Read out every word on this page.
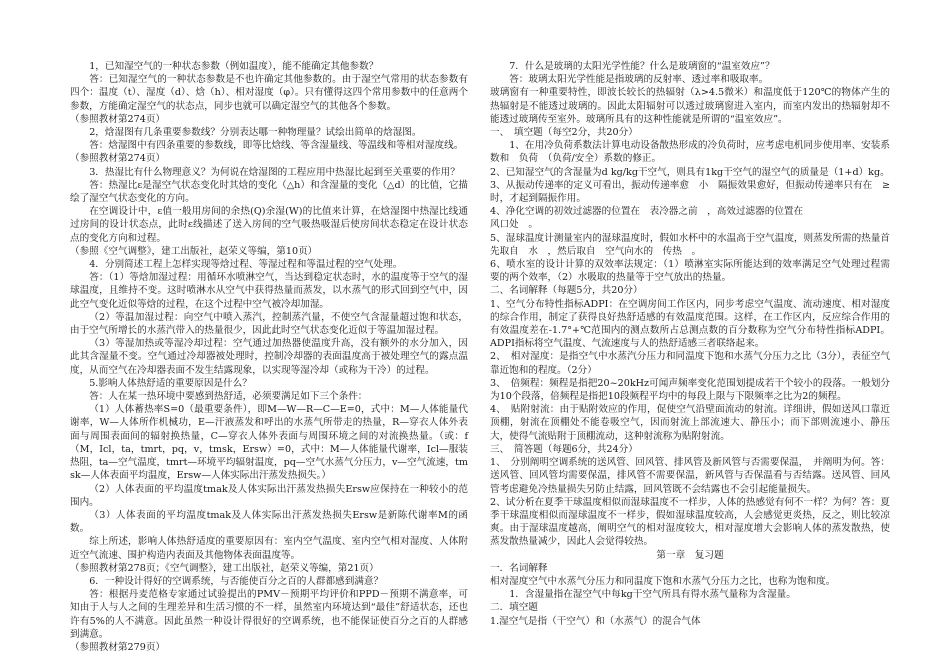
1，已知湿空气的一种状态参数（例如温度），能不能确定其他参数？

答：已知湿空气的一种状态参数是不也许确定其他参数的。由于湿空气常用的状态参数有四个：温度（t）、湿度（d）、焓（h）、相对湿度（φ）。只有懂得这四个常用参数中的任意两个参数，方能确定湿空气的状态点，同步也就可以确定湿空气的其他各个参数。

（参照教材第274页）

2，焓湿图有几条重要参数线？分别表达哪一种物理量？试绘出简单的焓湿图。

答：焓湿图中有四条重要的参数线，即等比焓线、等含湿量线、等温线和等相对湿度线。

（参照教材第274页）

3．热湿比有什么物理意义？为何说在焓湿图的工程应用中热湿比起到至关重要的作用？

答：热湿比ε是湿空气状态变化时其焓的变化（△h）和含湿量的变化（△d）的比值，它描绘了湿空气状态变化的方向。

在空调设计中，ε值一般用房间的余热(Q)余湿(W)的比值来计算，在焓湿图中热湿比线通过房间的设计状态点，此时ε线描述了送入房间的空气吸热吸湿后使房间状态稳定在设计状态点的变化方向和过程。

（参照《空气调整》，建工出版社，赵荣义等编，第10页）

4．分别简述工程上怎样实现等焓过程、等湿过程和等温过程的空气处理。

答：（1）等焓加湿过程：用循环水喷淋空气，当达到稳定状态时，水的温度等于空气的湿球温度，且维持不变。这时喷淋水从空气中获得热量而蒸发，以水蒸气的形式回到空气中，因此空气变化近似等焓的过程，在这个过程中空气被冷却加湿。

（2）等温加湿过程：向空气中喷入蒸汽，控制蒸汽量，不使空气含湿量超过饱和状态，由于空气所增长的水蒸汽带入的热量很少，因此此时空气状态变化近似于等温加湿过程。

（3）等湿加热或等湿冷却过程：空气通过加热器使温度升高，没有额外的水分加入，因此其含湿量不变。空气通过冷却器被处理时，控制冷却器的表面温度高于被处理空气的露点温度，从而空气在冷却器表面不发生结露现象，以实现等湿冷却（或称为干冷）的过程。

5.影响人体热舒适的重要原因是什么？

答：人在某一热环境中要感到热舒适，必须要满足如下三个条件：

（1）人体蓄热率S=0（最重要条件），即M—W—R—C—E=0，式中：M—人体能量代谢率，W—人体所作机械功，E—汗液蒸发和呼出的水蒸气所带走的热量，R—穿衣人体外表面与周围表面间的辐射换热量，C—穿衣人体外表面与周围环境之间的对流换热量。（或：f（M，Icl，ta，tmrt，pq，v，tmsk，Ersw）=0，式中：M—人体能量代谢率，Icl—服装热阻，ta—空气温度，tmrt—环境平均辐射温度，pq—空气水蒸气分压力，v—空气流速，tmsk—人体表面平均温度，Ersw—人体实际出汗蒸发热损失。）

（2）人体表面的平均温度tmak及人体实际出汗蒸发热损失Ersw应保持在一种较小的范围内。

（3）人体表面的平均温度tmak及人体实际出汗蒸发热损失Ersw是新陈代谢率M的函数。

综上所述，影响人体热舒适度的重要原因有：室内空气温度、室内空气相对湿度、人体附近空气流速、围护构造内表面及其他物体表面温度等。

（参照教材第278页；《空气调整》，建工出版社，赵荣义等编，第21页）

6．一种设计得好的空调系统，与否能使百分之百的人群都感到满意？

答：根据丹麦范格专家通过试验提出的PMV－预期平均评价和PPD－预期不满意率，可知由于人与人之间的生理差异和生活习惯的不一样，虽然室内环境达到“最佳”舒适状态，还也许有5%的人不满意。因此虽然一种设计得很好的空调系统，也不能保证使百分之百的人群感到满意。

（参照教材第279页）

7．什么是玻璃的太阳光学性能？什么是玻璃窗的“温室效应”？

答：玻璃太阳光学性能是指玻璃的反射率、透过率和吸取率。

玻璃窗有一种重要特性，即波长较长的热辐射（λ>4.5微米）和温度低于120℃的物体产生的热辐射是不能透过玻璃的。因此太阳辐射可以透过玻璃窗进入室内，而室内发出的热辐射却不能透过玻璃传至室外。玻璃所具有的这种性能就是所谓的“温室效应”。

一、　填空题（每空2分，共20分）

1、在用冷负荷系数法计算电动设备散热形成的冷负荷时，应考虑电机同步使用率、安装系数和　负荷　（负荷/安全）系数的修正。

2、已知湿空气的含湿量为d kg/kg干空气，则具有1kg干空气的湿空气的质量是（1+d）kg。

3、从振动传递率的定义可看出，振动传递率愈　小　隔振效果愈好，但振动传递率只有在　≥　时，才起到隔振作用。

4、净化空调的初效过滤器的位置在　表冷器之前　，高效过滤器的位置在

风口处　。

5、湿球温度计测量室内的湿球温度时，假如水杯中的水温高于空气温度，则蒸发所需的热量首先取自　水　，然后取自　空气向水的　传热　。

6、喷水室的设计计算的双效率法规定：（1）喷淋室实际所能达到的效率满足空气处理过程需要的两个效率，（2）水吸取的热量等于空气放出的热量。

二、名词解释（每题5分，共20分）

1、空气分布特性指标ADPI：在空调房间工作区内，同步考虑空气温度、流动速度、相对湿度的综合作用，制定了获得良好热舒适感的有效温度范围。这样，在工作区内，反应综合作用的有效温度差在-1.7°+℃范围内的测点数所占总测点数的百分数称为空气分布特性指标ADPI。ADPI指标将空气温度、气流速度与人的热舒适感三者联络起来。

2、　相对湿度：是指空气中水蒸汽分压力和同温度下饱和水蒸气分压力之比（3分），表征空气靠近饱和的程度。（2分）

3、　倍频程：频程是指把20~20kHz可闻声频率变化范围划提成若干个较小的段落。一般划分为10个段落，倍频程是指把10段频程平均中的每段上限与下限频率之比为2的频程。

4、　贴附射流：由于贴附效应的作用，促使空气沿壁面流动的射流。详细讲，假如送风口靠近顶棚，射流在顶棚处不能卷吸空气，因而射流上部流速大、静压小；而下部则流速小、静压大，使得气流贴附于顶棚流动，这种射流称为贴附射流。

三、　简答题（每题6分，共24分）

1、　分别阐明空调系统的送风管、回风管、排风管及新风管与否需要保温，　并阐明为何。答：送风管、回风管均需要保温，排风管不需要保温，新风管与否保温看与否结露。送风管、回风管考虑避免冷热量损失另防止结露，回风管既不会结露也不会引起能量损失。

2、试分析在夏季干球温度相似而湿球温度不一样步，人体的热感觉有何不一样？为何？答：夏季干球温度相似而湿球温度不一样步，假如湿球温度较高，人会感觉更炎热，反之，则比较凉爽。由于湿球温度越高，阐明空气的相对湿度较大，相对湿度增大会影响人体的蒸发散热，使蒸发散热量减少，因此人会觉得较热。

第一章　复习题

一．名词解释

相对湿度空气中水蒸气分压力和同温度下饱和水蒸气分压力之比，也称为饱和度。

1．含湿量指在湿空气中每kg干空气所具有得水蒸气量称为含湿量。

二．填空题

1.湿空气是指（干空气）和（水蒸气）的混合气体
